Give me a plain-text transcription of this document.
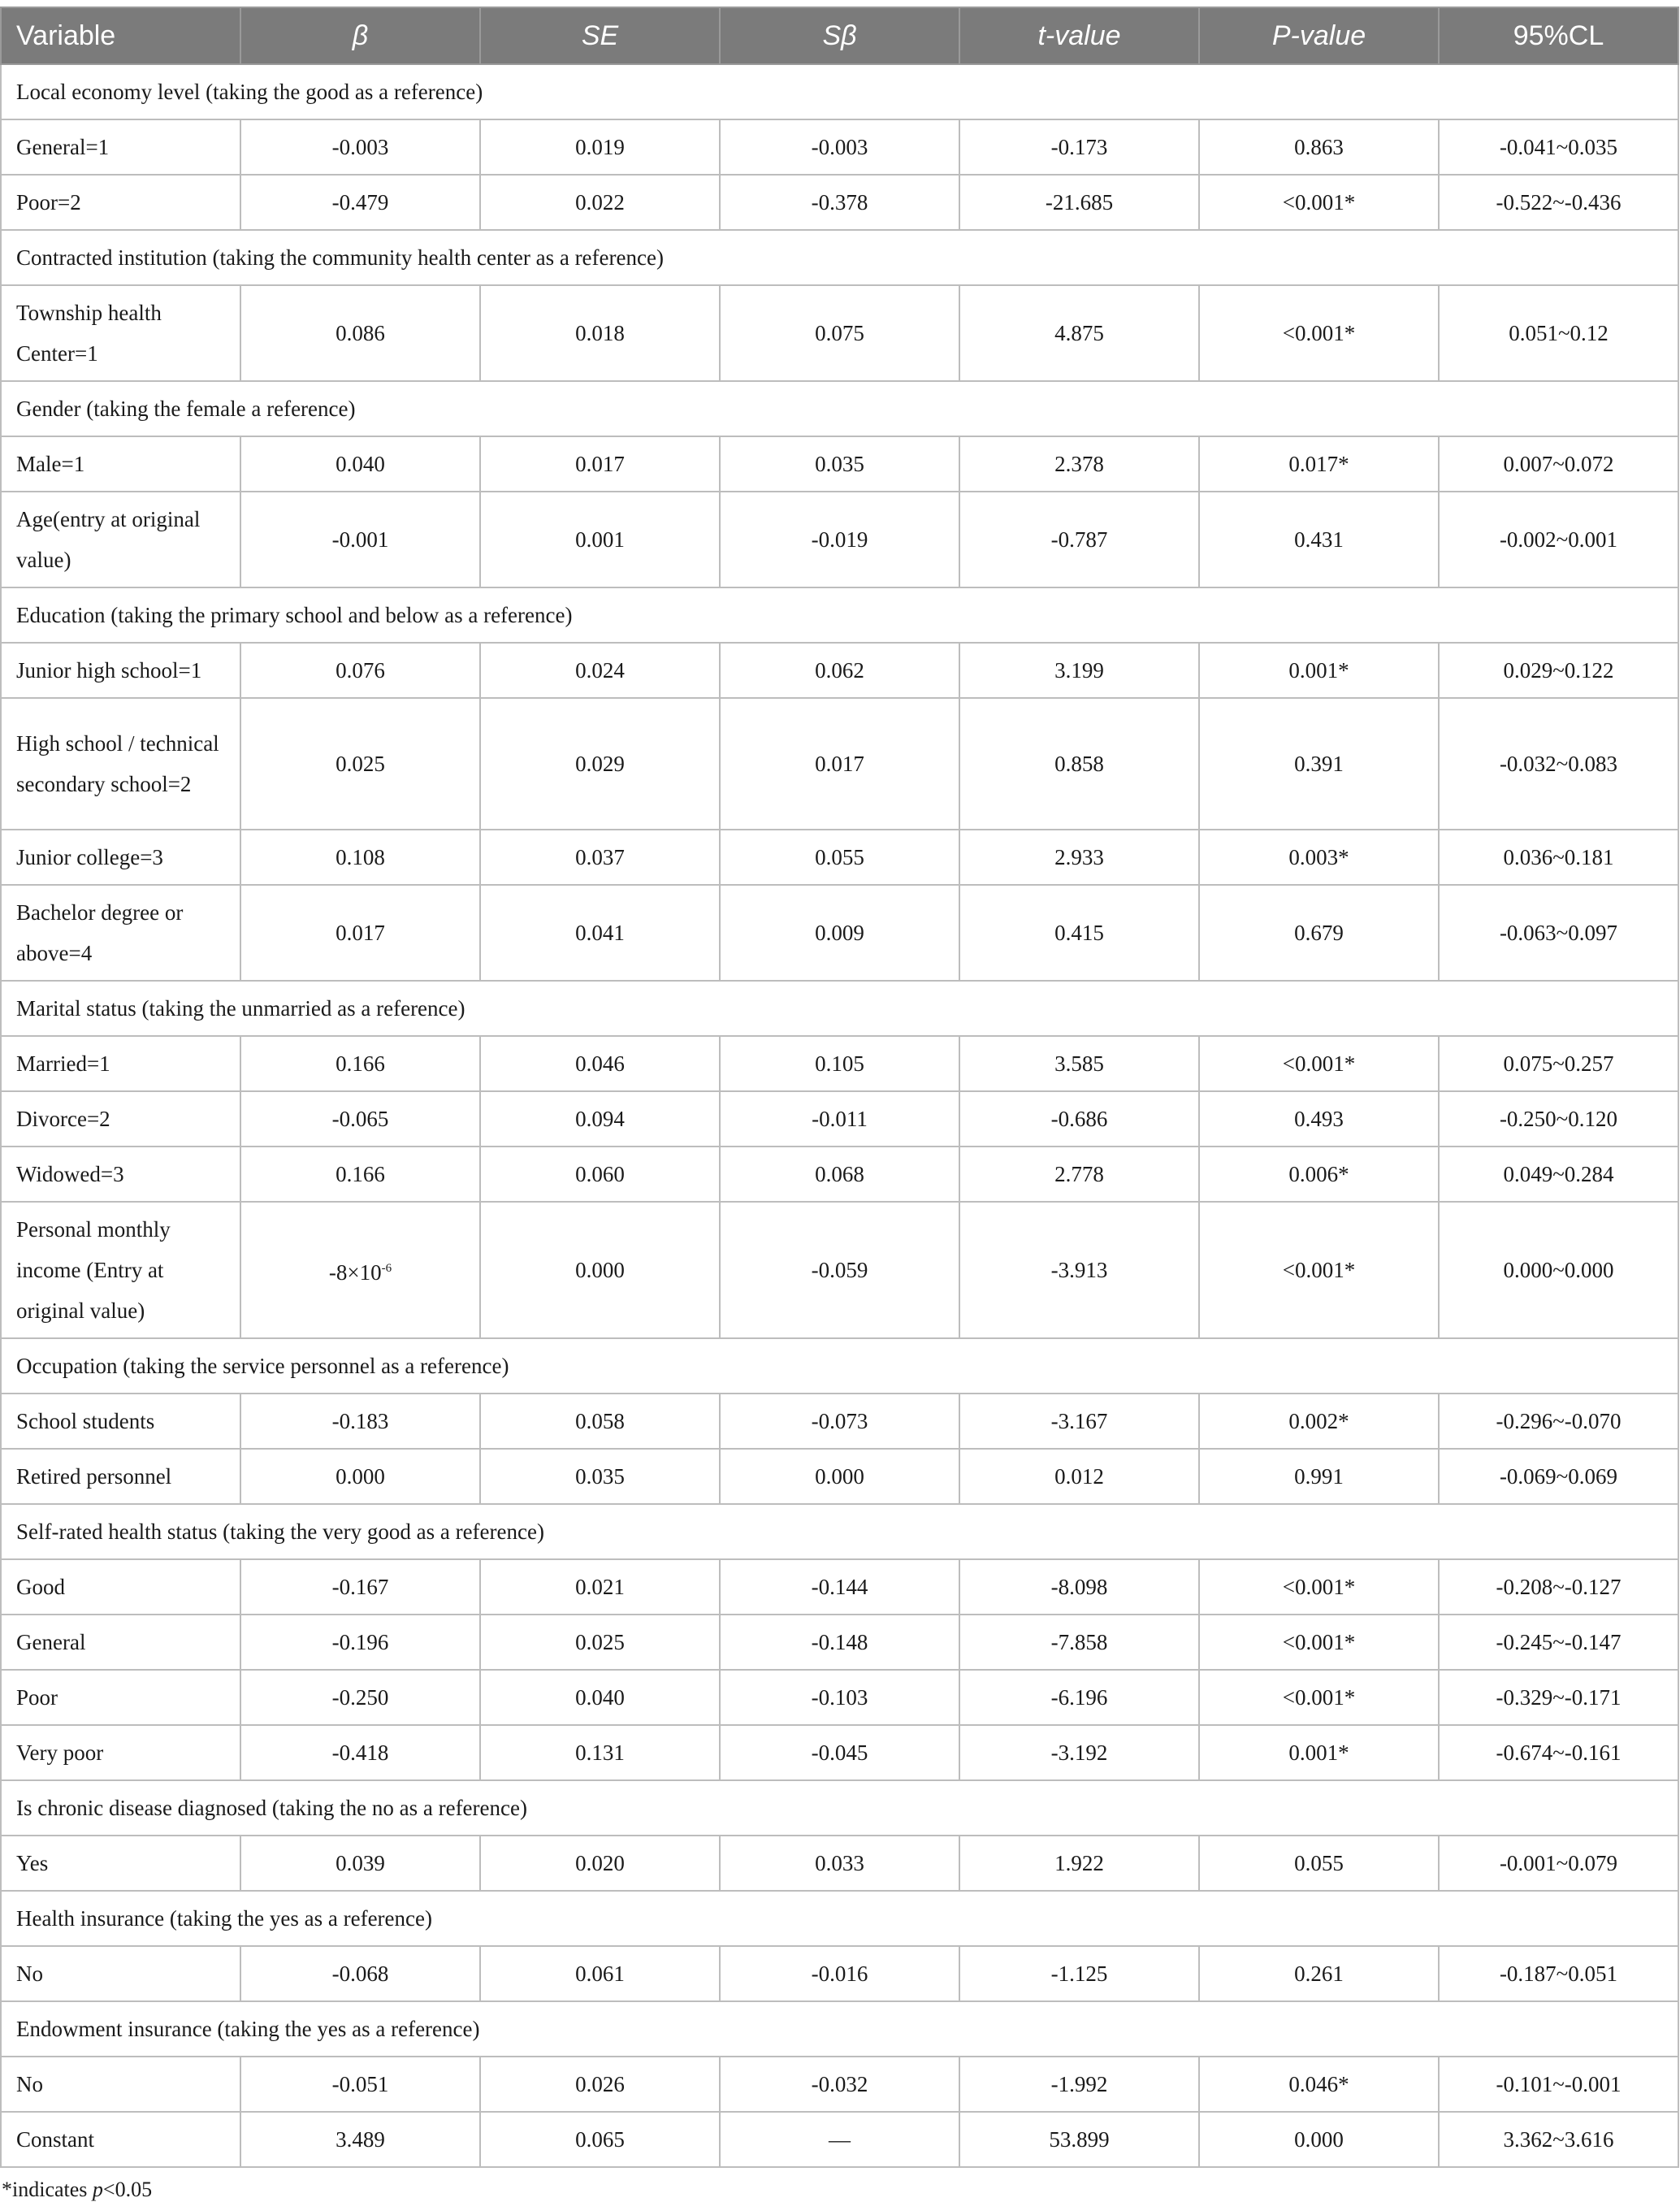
Variable	β	SE	Sβ	t-value	P-value	95%CL
Local economy level (taking the good as a reference)						
General=1	-0.003	0.019	-0.003	-0.173	0.863	-0.041~0.035
Poor=2	-0.479	0.022	-0.378	-21.685	<0.001*	-0.522~-0.436
Contracted institution (taking the community health center as a reference)						
Township health Center=1	0.086	0.018	0.075	4.875	<0.001*	0.051~0.12
Gender (taking the female a reference)						
Male=1	0.040	0.017	0.035	2.378	0.017*	0.007~0.072
Age(entry at original value)	-0.001	0.001	-0.019	-0.787	0.431	-0.002~0.001
Education (taking the primary school and below as a reference)						
Junior high school=1	0.076	0.024	0.062	3.199	0.001*	0.029~0.122
High school / technical secondary school=2	0.025	0.029	0.017	0.858	0.391	-0.032~0.083
Junior college=3	0.108	0.037	0.055	2.933	0.003*	0.036~0.181
Bachelor degree or above=4	0.017	0.041	0.009	0.415	0.679	-0.063~0.097
Marital status (taking the unmarried as a reference)						
Married=1	0.166	0.046	0.105	3.585	<0.001*	0.075~0.257
Divorce=2	-0.065	0.094	-0.011	-0.686	0.493	-0.250~0.120
Widowed=3	0.166	0.060	0.068	2.778	0.006*	0.049~0.284
Personal monthly income (Entry at original value)	$-8\times 10^{-6}$	0.000	-0.059	-3.913	<0.001*	0.000~0.000
Occupation (taking the service personnel as a reference)						
School students	-0.183	0.058	-0.073	-3.167	0.002*	-0.296~-0.070
Retired personnel	0.000	0.035	0.000	0.012	0.991	-0.069~0.069
Self-rated health status (taking the very good as a reference)						
Good	-0.167	0.021	-0.144	-8.098	<0.001*	-0.208~-0.127
General	-0.196	0.025	-0.148	-7.858	<0.001*	-0.245~-0.147
Poor	-0.250	0.040	-0.103	-6.196	<0.001*	-0.329~-0.171
Very poor	-0.418	0.131	-0.045	-3.192	0.001*	-0.674~-0.161
Is chronic disease diagnosed (taking the no as a reference)						
Yes	0.039	0.020	0.033	1.922	0.055	-0.001~0.079
Health insurance (taking the yes as a reference)						
No	-0.068	0.061	-0.016	-1.125	0.261	-0.187~0.051
Endowment insurance (taking the yes as a reference)						
No	-0.051	0.026	-0.032	-1.992	0.046*	-0.101~-0.001
Constant	3.489	0.065	—	53.899	0.000	3.362~3.616
*indicates p<0.05
